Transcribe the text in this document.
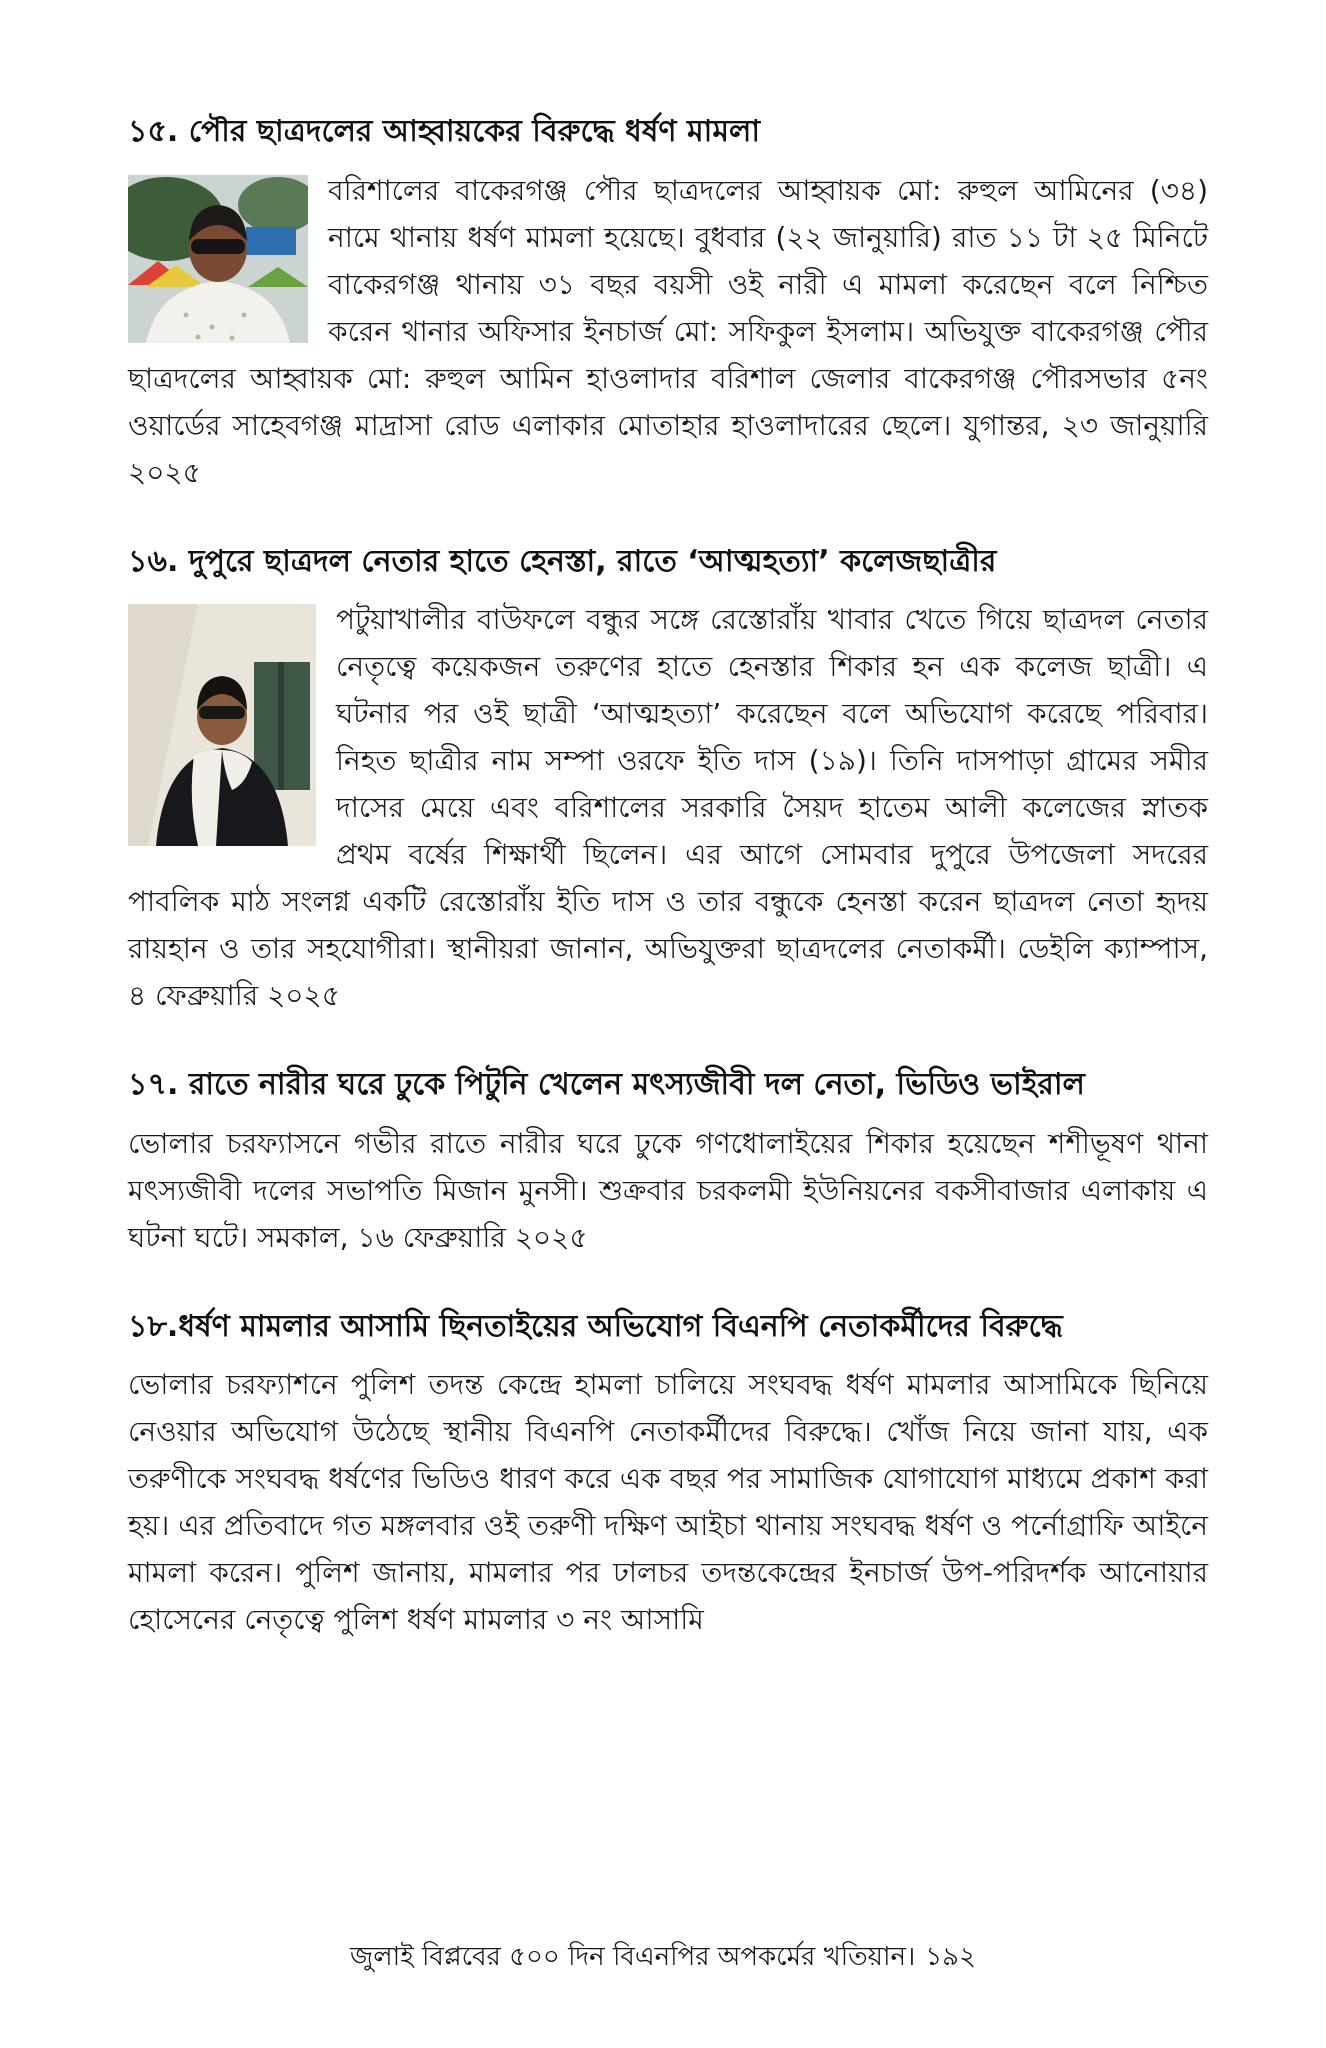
১৫. পৌর ছাত্রদলের আহ্বায়কের বিরুদ্ধে ধর্ষণ মামলা
বরিশালের বাকেরগঞ্জ পৌর ছাত্রদলের আহ্বায়ক মো: রুহুল আমিনের (৩৪) নামে থানায় ধর্ষণ মামলা হয়েছে। বুধবার (২২ জানুয়ারি) রাত ১১ টা ২৫ মিনিটে বাকেরগঞ্জ থানায় ৩১ বছর বয়সী ওই নারী এ মামলা করেছেন বলে নিশ্চিত করেন থানার অফিসার ইনচার্জ মো: সফিকুল ইসলাম। অভিযুক্ত বাকেরগঞ্জ পৌর ছাত্রদলের আহ্বায়ক মো: রুহুল আমিন হাওলাদার বরিশাল জেলার বাকেরগঞ্জ পৌরসভার ৫নং ওয়ার্ডের সাহেবগঞ্জ মাদ্রাসা রোড এলাকার মোতাহার হাওলাদারের ছেলে। যুগান্তর, ২৩ জানুয়ারি ২০২৫
১৬. দুপুরে ছাত্রদল নেতার হাতে হেনস্তা, রাতে ‘আত্মহত্যা’ কলেজছাত্রীর
পটুয়াখালীর বাউফলে বন্ধুর সঙ্গে রেস্তোরাঁয় খাবার খেতে গিয়ে ছাত্রদল নেতার নেতৃত্বে কয়েকজন তরুণের হাতে হেনস্তার শিকার হন এক কলেজ ছাত্রী। এ ঘটনার পর ওই ছাত্রী ‘আত্মহত্যা’ করেছেন বলে অভিযোগ করেছে পরিবার।নিহত ছাত্রীর নাম সম্পা ওরফে ইতি দাস (১৯)। তিনি দাসপাড়া গ্রামের সমীর দাসের মেয়ে এবং বরিশালের সরকারি সৈয়দ হাতেম আলী কলেজের স্নাতক প্রথম বর্ষের শিক্ষার্থী ছিলেন। এর আগে সোমবার দুপুরে উপজেলা সদরের পাবলিক মাঠ সংলগ্ন একটি রেস্তোরাঁয় ইতি দাস ও তার বন্ধুকে হেনস্তা করেন ছাত্রদল নেতা হৃদয় রায়হান ও তার সহযোগীরা। স্থানীয়রা জানান, অভিযুক্তরা ছাত্রদলের নেতাকর্মী। ডেইলি ক্যাম্পাস, ৪ ফেব্রুয়ারি ২০২৫
১৭. রাতে নারীর ঘরে ঢুকে পিটুনি খেলেন মৎস্যজীবী দল নেতা, ভিডিও ভাইরাল
ভোলার চরফ্যাসনে গভীর রাতে নারীর ঘরে ঢুকে গণধোলাইয়ের শিকার হয়েছেন শশীভূষণ থানা মৎস্যজীবী দলের সভাপতি মিজান মুনসী। শুক্রবার চরকলমী ইউনিয়নের বকসীবাজার এলাকায় এ ঘটনা ঘটে। সমকাল, ১৬ ফেব্রুয়ারি ২০২৫
১৮.ধর্ষণ মামলার আসামি ছিনতাইয়ের অভিযোগ বিএনপি নেতাকর্মীদের বিরুদ্ধে
ভোলার চরফ্যাশনে পুলিশ তদন্ত কেন্দ্রে হামলা চালিয়ে সংঘবদ্ধ ধর্ষণ মামলার আসামিকে ছিনিয়ে নেওয়ার অভিযোগ উঠেছে স্থানীয় বিএনপি নেতাকর্মীদের বিরুদ্ধে। খোঁজ নিয়ে জানা যায়, এক তরুণীকে সংঘবদ্ধ ধর্ষণের ভিডিও ধারণ করে এক বছর পর সামাজিক যোগাযোগ মাধ্যমে প্রকাশ করা হয়। এর প্রতিবাদে গত মঙ্গলবার ওই তরুণী দক্ষিণ আইচা থানায় সংঘবদ্ধ ধর্ষণ ও পর্নোগ্রাফি আইনে মামলা করেন। পুলিশ জানায়, মামলার পর ঢালচর তদন্তকেন্দ্রের ইনচার্জ উপ-পরিদর্শক আনোয়ার হোসেনের নেতৃত্বে পুলিশ ধর্ষণ মামলার ৩ নং আসামি
জুলাই বিপ্লবের ৫০০ দিন বিএনপির অপকর্মের খতিয়ান। ১৯২
